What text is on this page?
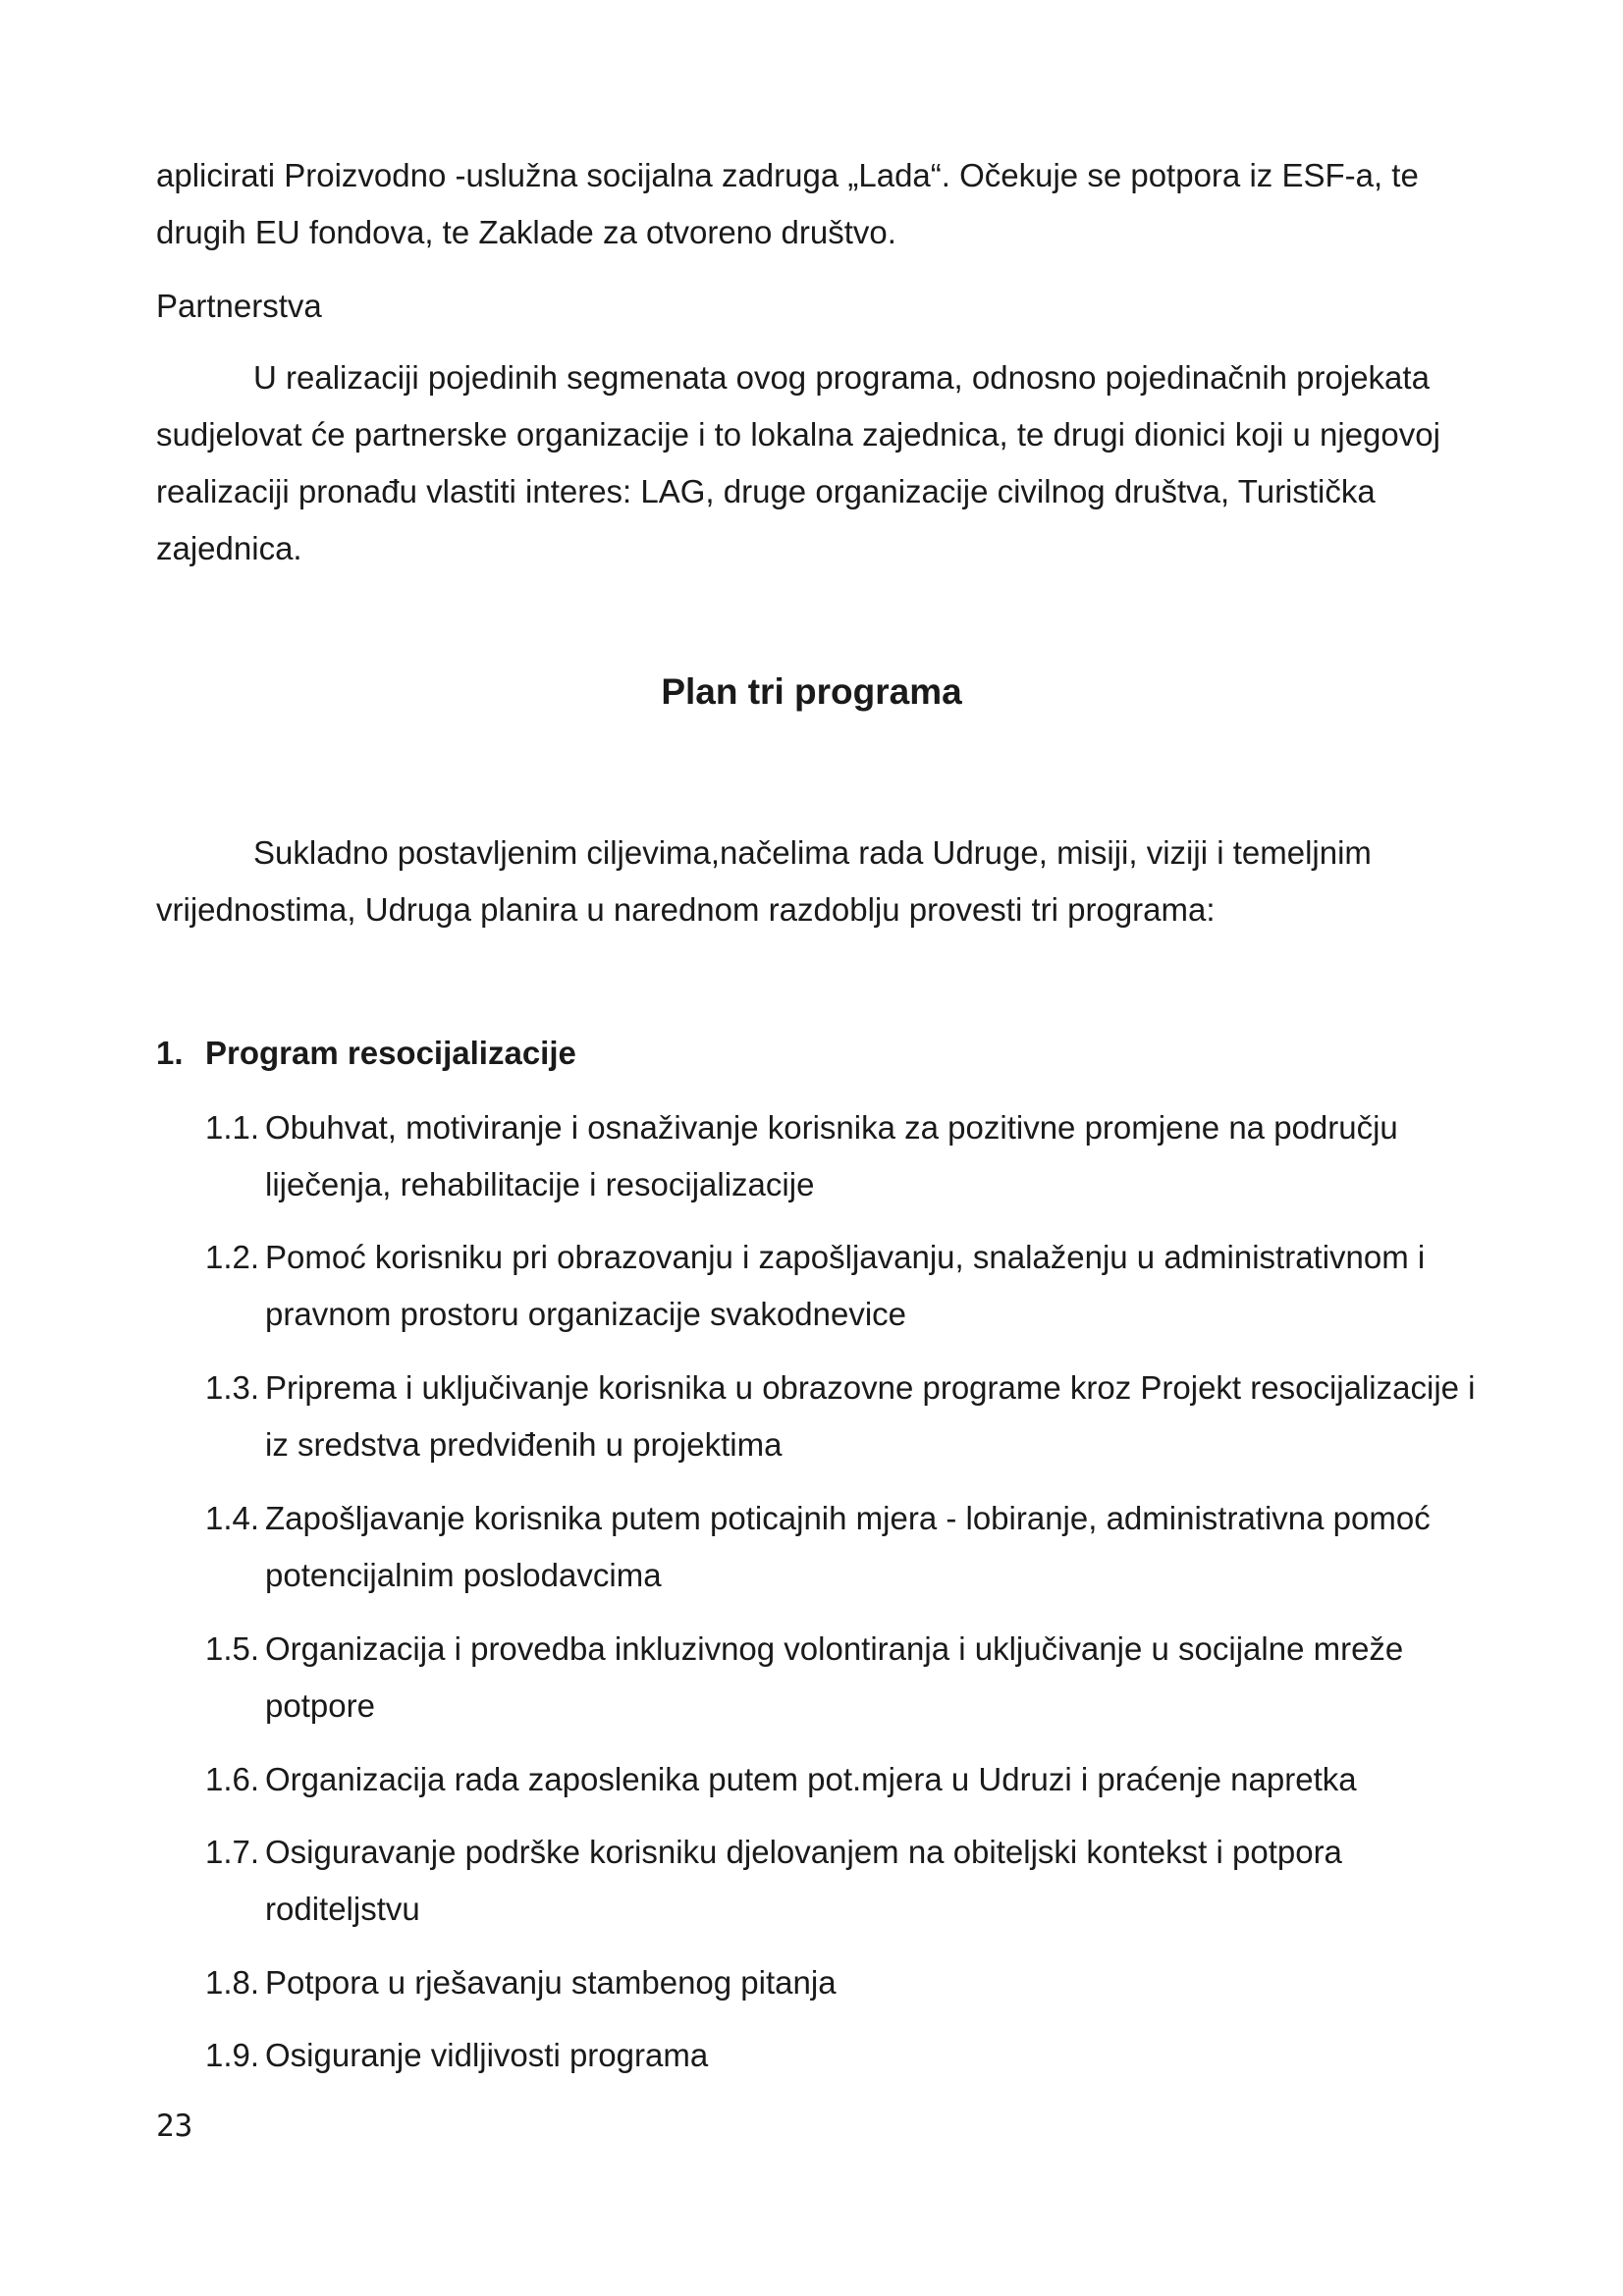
aplicirati Proizvodno -uslužna socijalna zadruga „Lada“. Očekuje se potpora iz ESF-a, te drugih EU fondova, te Zaklade za otvoreno društvo.

Partnerstva

U realizaciji pojedinih segmenata ovog programa, odnosno pojedinačnih projekata sudjelovat će partnerske organizacije i to lokalna zajednica, te drugi dionici koji u njegovoj realizaciji pronađu vlastiti interes: LAG, druge organizacije civilnog društva, Turistička zajednica.

Plan tri programa

Sukladno postavljenim ciljevima,načelima rada Udruge, misiji, viziji i temeljnim vrijednostima, Udruga planira u narednom razdoblju provesti tri programa:

1. Program resocijalizacije
1.1. Obuhvat, motiviranje i osnaživanje korisnika za pozitivne promjene na području liječenja, rehabilitacije i resocijalizacije
1.2. Pomoć korisniku pri obrazovanju i zapošljavanju, snalaženju u administrativnom i pravnom prostoru organizacije svakodnevice
1.3. Priprema i uključivanje korisnika u obrazovne programe kroz Projekt resocijalizacije i iz sredstva predviđenih u projektima
1.4. Zapošljavanje korisnika putem poticajnih mjera - lobiranje, administrativna pomoć potencijalnim poslodavcima
1.5. Organizacija i provedba inkluzivnog volontiranja i uključivanje u socijalne mreže potpore
1.6. Organizacija rada zaposlenika putem pot.mjera u Udruzi i praćenje napretka
1.7. Osiguravanje podrške korisniku djelovanjem na obiteljski kontekst i potpora roditeljstvu
1.8. Potpora u rješavanju stambenog pitanja
1.9. Osiguranje vidljivosti programa

23
